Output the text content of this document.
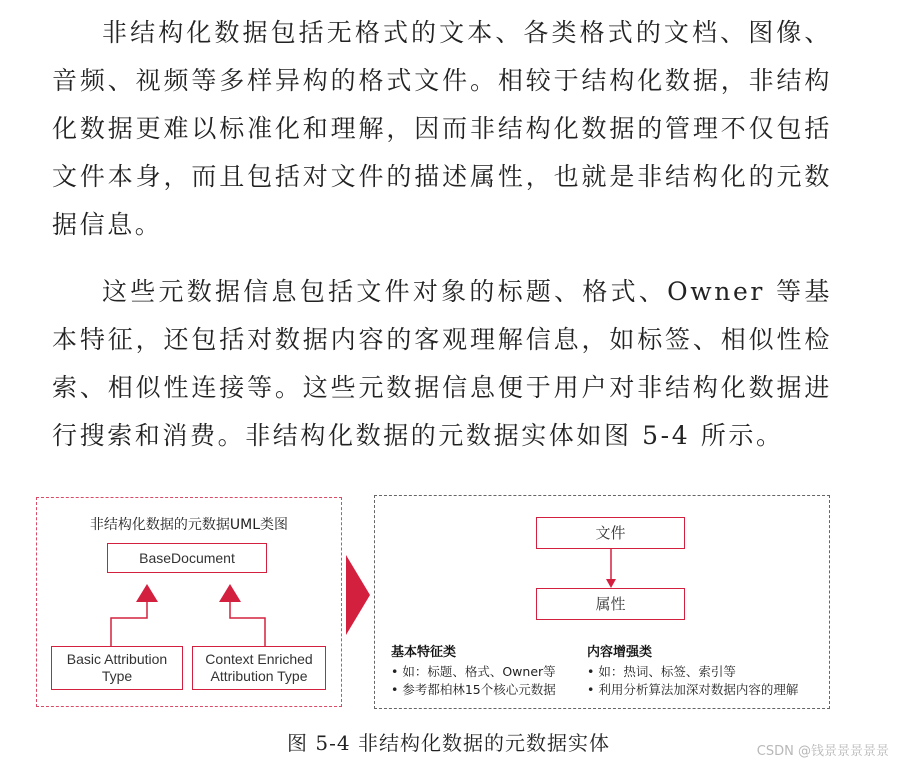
非结构化数据包括无格式的文本、各类格式的文档、图像、音频、视频等多样异构的格式文件。相较于结构化数据，非结构化数据更难以标准化和理解，因而非结构化数据的管理不仅包括文件本身，而且包括对文件的描述属性，也就是非结构化的元数据信息。

这些元数据信息包括文件对象的标题、格式、Owner 等基本特征，还包括对数据内容的客观理解信息，如标签、相似性检索、相似性连接等。这些元数据信息便于用户对非结构化数据进行搜索和消费。非结构化数据的元数据实体如图 5-4 所示。

非结构化数据的元数据UML类图
BaseDocument
Basic Attribution Type
Context Enriched Attribution Type
文件
属性
基本特征类
• 如：标题、格式、Owner等
• 参考都柏林15个核心元数据
内容增强类
• 如：热词、标签、索引等
• 利用分析算法加深对数据内容的理解
图 5-4 非结构化数据的元数据实体	CSDN @钱景景景景景
